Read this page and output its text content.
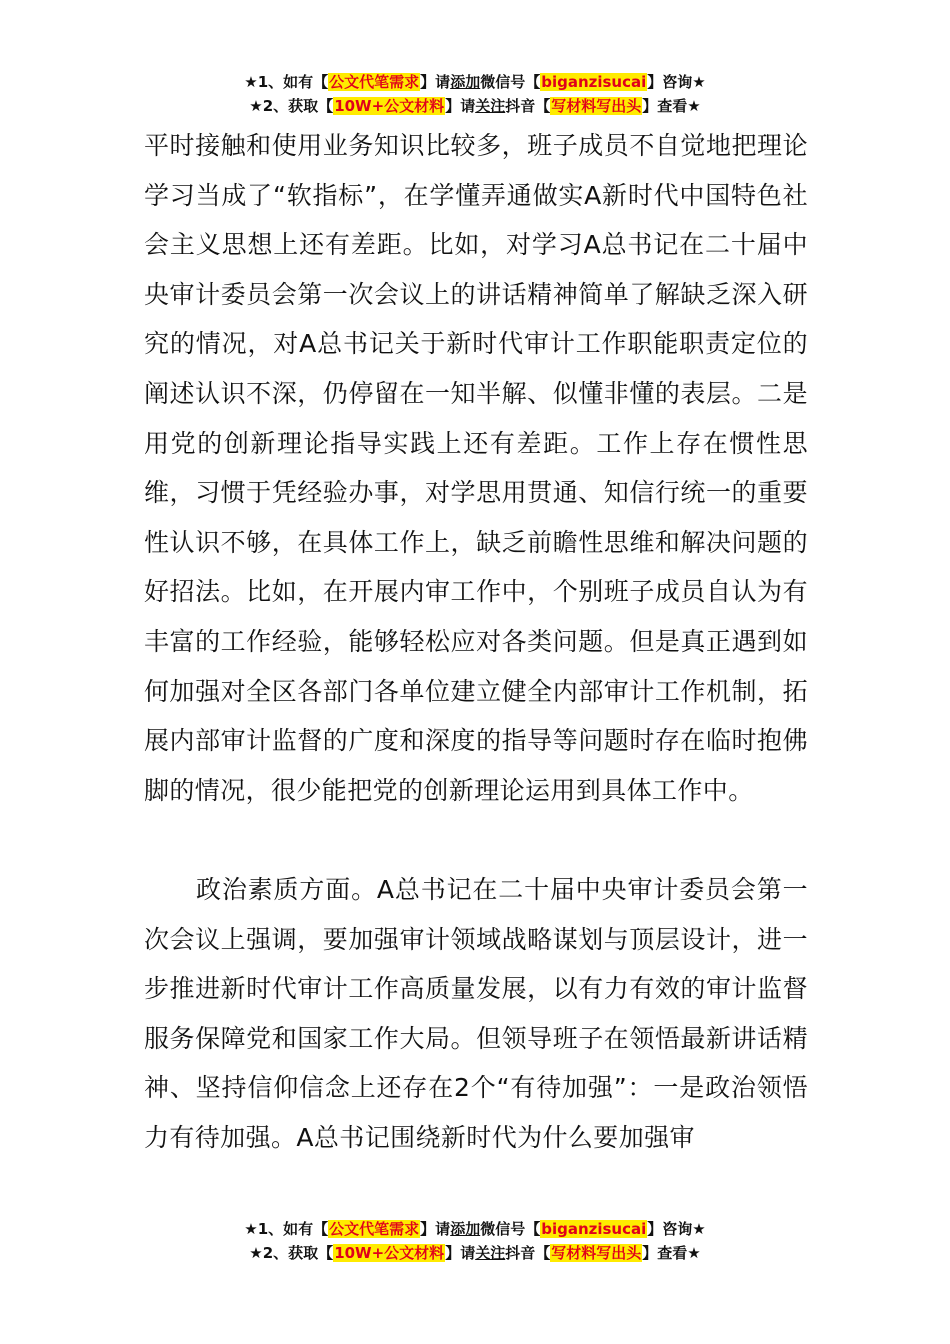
★1、如有【公文代笔需求】请添加微信号【biganzisucai】咨询★
★2、获取【10W+公文材料】请关注抖音【写材料写出头】查看★

平时接触和使用业务知识比较多，班子成员不自觉地把理论学习当成了“软指标”，在学懂弄通做实A新时代中国特色社会主义思想上还有差距。比如，对学习A总书记在二十届中央审计委员会第一次会议上的讲话精神简单了解缺乏深入研究的情况，对A总书记关于新时代审计工作职能职责定位的阐述认识不深，仍停留在一知半解、似懂非懂的表层。二是用党的创新理论指导实践上还有差距。工作上存在惯性思维，习惯于凭经验办事，对学思用贯通、知信行统一的重要性认识不够，在具体工作上，缺乏前瞻性思维和解决问题的好招法。比如，在开展内审工作中，个别班子成员自认为有丰富的工作经验，能够轻松应对各类问题。但是真正遇到如何加强对全区各部门各单位建立健全内部审计工作机制，拓展内部审计监督的广度和深度的指导等问题时存在临时抱佛脚的情况，很少能把党的创新理论运用到具体工作中。

政治素质方面。A总书记在二十届中央审计委员会第一次会议上强调，要加强审计领域战略谋划与顶层设计，进一步推进新时代审计工作高质量发展，以有力有效的审计监督服务保障党和国家工作大局。但领导班子在领悟最新讲话精神、坚持信仰信念上还存在2个“有待加强”：一是政治领悟力有待加强。A总书记围绕新时代为什么要加强审

★1、如有【公文代笔需求】请添加微信号【biganzisucai】咨询★
★2、获取【10W+公文材料】请关注抖音【写材料写出头】查看★
